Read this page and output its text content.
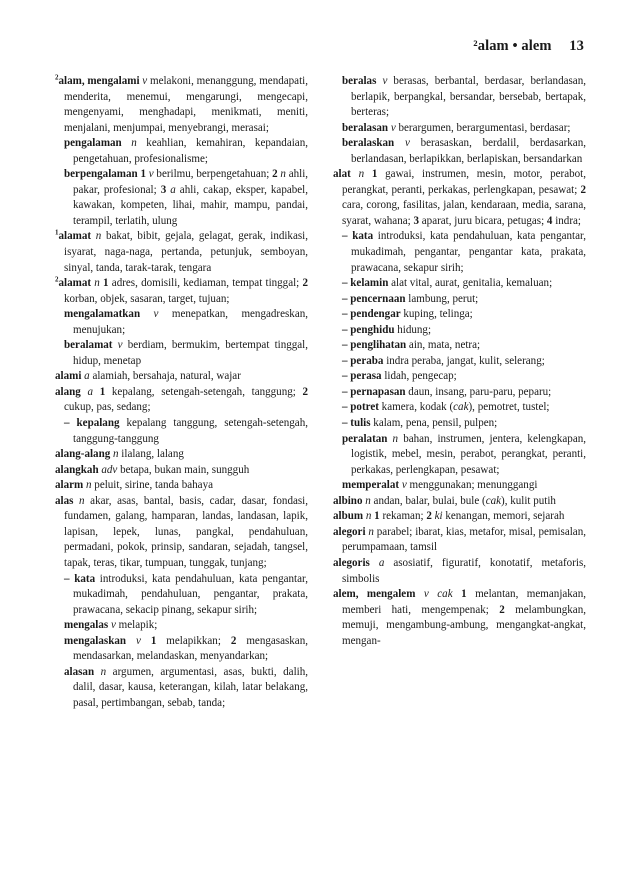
²alam • alem 13
$^2$alam, mengalami v melakoni, menanggung, mendapati, menderita, menemui, mengarungi, mengecapi, mengenyami, menghadapi, menikmati, meniti, menjalani, menjumpai, menyebrangi, merasai;
pengalaman n keahlian, kemahiran, kepandaian, pengetahuan, profesionalisme;
berpengalaman 1 v berilmu, berpengetahuan; 2 n ahli, pakar, profesional; 3 a ahli, cakap, eksper, kapabel, kawakan, kompeten, lihai, mahir, mampu, pandai, terampil, terlatih, ulung
$^1$alamat n bakat, bibit, gejala, gelagat, gerak, indikasi, isyarat, naga-naga, pertanda, petunjuk, semboyan, sinyal, tanda, tarak-tarak, tengara
$^2$alamat n 1 adres, domisili, kediaman, tempat tinggal; 2 korban, objek, sasaran, target, tujuan;
mengalamatkan v menepatkan, mengadreskan, menujukan;
beralamat v berdiam, bermukim, bertempat tinggal, hidup, menetap
alami a alamiah, bersahaja, natural, wajar
alang a 1 kepalang, setengah-setengah, tanggung; 2 cukup, pas, sedang;
– kepalang kepalang tanggung, setengah-setengah, tanggung-tanggung
alang-alang n ilalang, lalang
alangkah adv betapa, bukan main, sungguh
alarm n peluit, sirine, tanda bahaya
alas n akar, asas, bantal, basis, cadar, dasar, fondasi, fundamen, galang, hamparan, landas, landasan, lapik, lapisan, lepek, lunas, pangkal, pendahuluan, permadani, pokok, prinsip, sandaran, sejadah, tangsel, tapak, teras, tikar, tumpuan, tunggak, tunjang;
– kata introduksi, kata pendahuluan, kata pengantar, mukadimah, pendahuluan, pengantar, prakata, prawacana, sekacip pinang, sekapur sirih;
mengalas v melapik;
mengalaskan v 1 melapikkan; 2 mengasaskan, mendasarkan, melandaskan, menyandarkan;
alasan n argumen, argumentasi, asas, bukti, dalih, dalil, dasar, kausa, keterangan, kilah, latar belakang, pasal, pertimbangan, sebab, tanda;
beralas v berasas, berbantal, berdasar, berlandasan, berlapik, berpangkal, bersandar, bersebab, bertapak, berteras;
beralasan v berargumen, berargumentasi, berdasar;
beralaskan v berasaskan, berdalil, berdasarkan, berlandasan, berlapikkan, berlapiskan, bersandarkan
alat n 1 gawai, instrumen, mesin, motor, perabot, perangkat, peranti, perkakas, perlengkapan, pesawat; 2 cara, corong, fasilitas, jalan, kendaraan, media, sarana, syarat, wahana; 3 aparat, juru bicara, petugas; 4 indra;
– kata introduksi, kata pendahuluan, kata pengantar, mukadimah, pengantar, pengantar kata, prakata, prawacana, sekapur sirih;
– kelamin alat vital, aurat, genitalia, kemaluan;
– pencernaan lambung, perut;
– pendengar kuping, telinga;
– penghidu hidung;
– penglihatan ain, mata, netra;
– peraba indra peraba, jangat, kulit, selerang;
– perasa lidah, pengecap;
– pernapasan daun, insang, paru-paru, peparu;
– potret kamera, kodak (cak), pemotret, tustel;
– tulis kalam, pena, pensil, pulpen;
peralatan n bahan, instrumen, jentera, kelengkapan, logistik, mebel, mesin, perabot, perangkat, peranti, perkakas, perlengkapan, pesawat;
memperalat v menggunakan; menunggangi
albino n andan, balar, bulai, bule (cak), kulit putih
album n 1 rekaman; 2 ki kenangan, memori, sejarah
alegori n parabel; ibarat, kias, metafor, misal, pemisalan, perumpamaan, tamsil
alegoris a asosiatif, figuratif, konotatif, metaforis, simbolis
alem, mengalem v cak 1 melantan, memanjakan, memberi hati, mengempenak; 2 melambungkan, memuji, mengambung-ambung, mengangkat-angkat, mengan-
